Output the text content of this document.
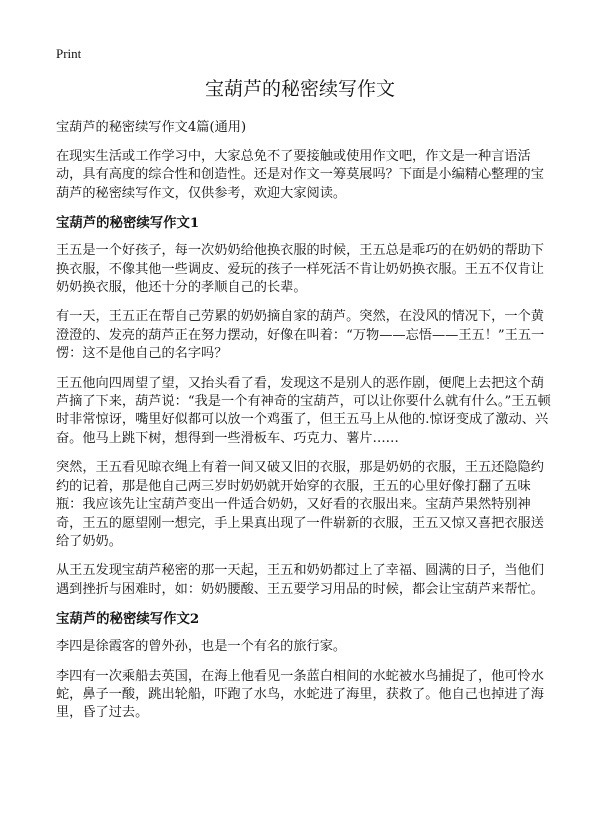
Print
宝葫芦的秘密续写作文

宝葫芦的秘密续写作文4篇(通用)

在现实生活或工作学习中，大家总免不了要接触或使用作文吧，作文是一种言语活动，具有高度的综合性和创造性。还是对作文一筹莫展吗？下面是小编精心整理的宝葫芦的秘密续写作文，仅供参考，欢迎大家阅读。

宝葫芦的秘密续写作文1

王五是一个好孩子，每一次奶奶给他换衣服的时候，王五总是乖巧的在奶奶的帮助下换衣服，不像其他一些调皮、爱玩的孩子一样死活不肯让奶奶换衣服。王五不仅肯让奶奶换衣服，他还十分的孝顺自己的长辈。

有一天，王五正在帮自己劳累的奶奶摘自家的葫芦。突然，在没风的情况下，一个黄澄澄的、发亮的葫芦正在努力摆动，好像在叫着：“万物——忘悟——王五！”王五一愣：这不是他自己的名字吗？

王五他向四周望了望，又抬头看了看，发现这不是别人的恶作剧，便爬上去把这个葫芦摘了下来，葫芦说：“我是一个有神奇的宝葫芦，可以让你要什么就有什么。”王五顿时非常惊讶，嘴里好似都可以放一个鸡蛋了，但王五马上从他的.惊讶变成了激动、兴奋。他马上跳下树，想得到一些滑板车、巧克力、薯片……

突然，王五看见晾衣绳上有着一间又破又旧的衣服，那是奶奶的衣服，王五还隐隐约约的记着，那是他自己两三岁时奶奶就开始穿的衣服，王五的心里好像打翻了五味瓶：我应该先让宝葫芦变出一件适合奶奶，又好看的衣服出来。宝葫芦果然特别神奇，王五的愿望刚一想完，手上果真出现了一件崭新的衣服，王五又惊又喜把衣服送给了奶奶。

从王五发现宝葫芦秘密的那一天起，王五和奶奶都过上了幸福、圆满的日子，当他们遇到挫折与困难时，如：奶奶腰酸、王五要学习用品的时候，都会让宝葫芦来帮忙。

宝葫芦的秘密续写作文2

李四是徐霞客的曾外孙，也是一个有名的旅行家。

李四有一次乘船去英国，在海上他看见一条蓝白相间的水蛇被水鸟捕捉了，他可怜水蛇，鼻子一酸，跳出轮船，吓跑了水鸟，水蛇进了海里，获救了。他自己也掉进了海里，昏了过去。
